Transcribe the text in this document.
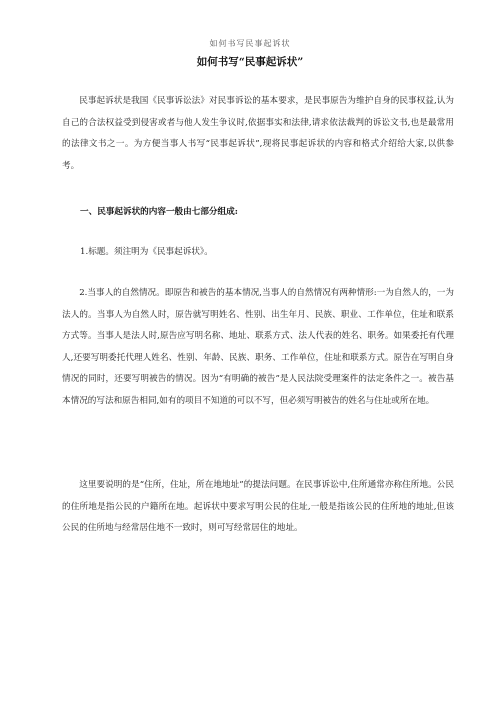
如何书写民事起诉状
如何书写“民事起诉状”

民事起诉状是我国《民事诉讼法》对民事诉讼的基本要求，是民事原告为维护自身的民事权益,认为自己的合法权益受到侵害或者与他人发生争议时,依据事实和法律,请求依法裁判的诉讼文书,也是最常用的法律文书之一。为方便当事人书写“民事起诉状”,现将民事起诉状的内容和格式介绍给大家,以供参考。

一、民事起诉状的内容一般由七部分组成:
1.标题。须注明为《民事起诉状》。

2.当事人的自然情况。即原告和被告的基本情况,当事人的自然情况有两种情形:一为自然人的，一为法人的。当事人为自然人时，原告就写明姓名、性别、出生年月、民族、职业、工作单位，住址和联系方式等。当事人是法人时,原告应写明名称、地址、联系方式、法人代表的姓名、职务。如果委托有代理人,还要写明委托代理人姓名、性别、年龄、民族、职务、工作单位，住址和联系方式。原告在写明自身情况的同时，还要写明被告的情况。因为“有明确的被告”是人民法院受理案件的法定条件之一。被告基本情况的写法和原告相同,如有的项目不知道的可以不写，但必须写明被告的姓名与住址或所在地。

这里要说明的是“住所，住址，所在地地址”的提法问题。在民事诉讼中,住所通常亦称住所地。公民的住所地是指公民的户籍所在地。起诉状中要求写明公民的住址,一般是指该公民的住所地的地址,但该公民的住所地与经常居住地不一致时，则可写经常居住的地址。
